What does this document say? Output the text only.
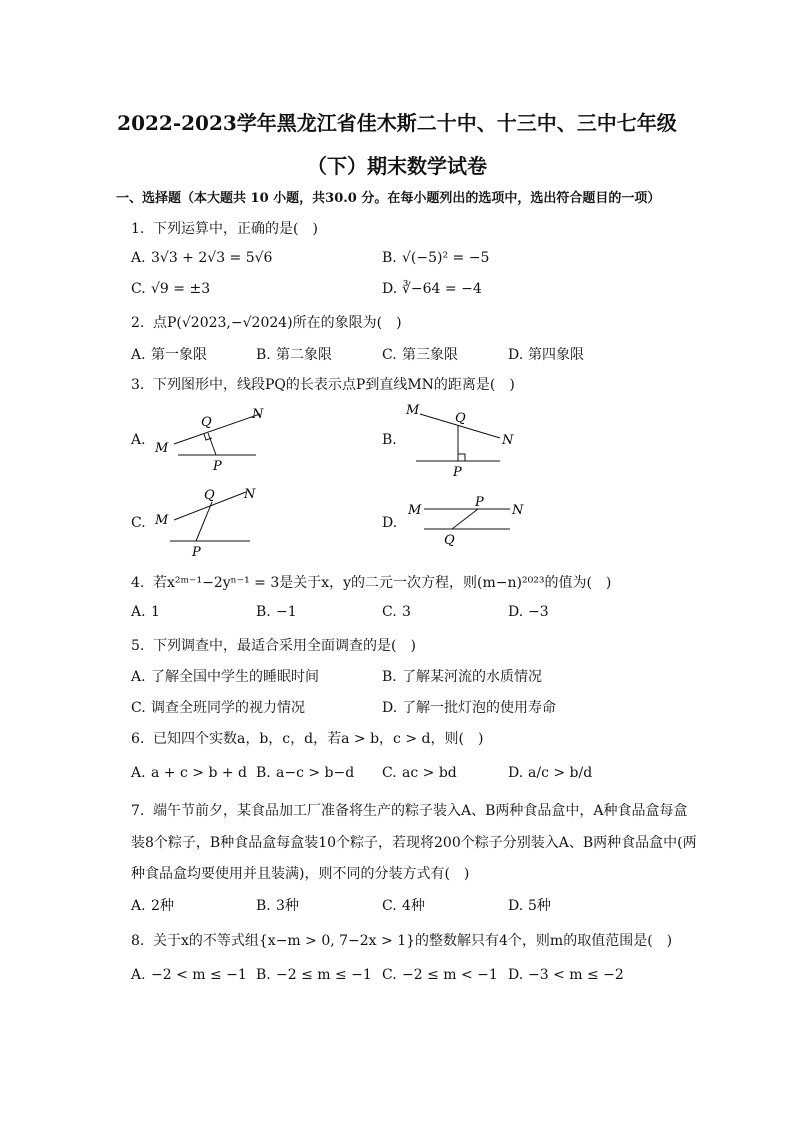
2022-2023学年黑龙江省佳木斯二十中、十三中、三中七年级
（下）期末数学试卷
一、选择题（本大题共 10 小题，共30.0 分。在每小题列出的选项中，选出符合题目的一项）
1. 下列运算中，正确的是(　)
A. 3√3 + 2√3 = 5√6	B. √(−5)² = −5
C. √9 = ±3	D. ∛−64 = −4
2. 点P(√2023,−√2024)所在的象限为(　)
A. 第一象限	B. 第二象限	C. 第三象限	D. 第四象限
3. 下列图形中，线段PQ的长表示点P到直线MN的距离是(　)
A.
M
N
Q
P
B.
M
N
Q
P
C. M
N
Q
P
D.
M	N
P
Q
4. 若x²ᵐ⁻¹−2yⁿ⁻¹ = 3是关于x，y的二元一次方程，则(m−n)²⁰²³的值为(　)
A. 1	B. −1	C. 3	D. −3
5. 下列调查中，最适合采用全面调查的是(　)
A. 了解全国中学生的睡眠时间	B. 了解某河流的水质情况
C. 调查全班同学的视力情况	D. 了解一批灯泡的使用寿命
6. 已知四个实数a，b，c，d，若a > b，c > d，则(　)
A. a + c > b + d B. a−c > b−d C. ac > bd	D. a/c > b/d
7. 端午节前夕，某食品加工厂准备将生产的粽子装入A、B两种食品盒中，A种食品盒每盒
装8个粽子，B种食品盒每盒装10个粽子，若现将200个粽子分别装入A、B两种食品盒中(两
种食品盒均要使用并且装满)，则不同的分装方式有(　)
A. 2种	B. 3种	C. 4种	D. 5种
8. 关于x的不等式组{x−m > 0, 7−2x > 1}的整数解只有4个，则m的取值范围是(　)
A. −2 < m ≤ −1 B. −2 ≤ m ≤ −1 C. −2 ≤ m < −1 D. −3 < m ≤ −2
